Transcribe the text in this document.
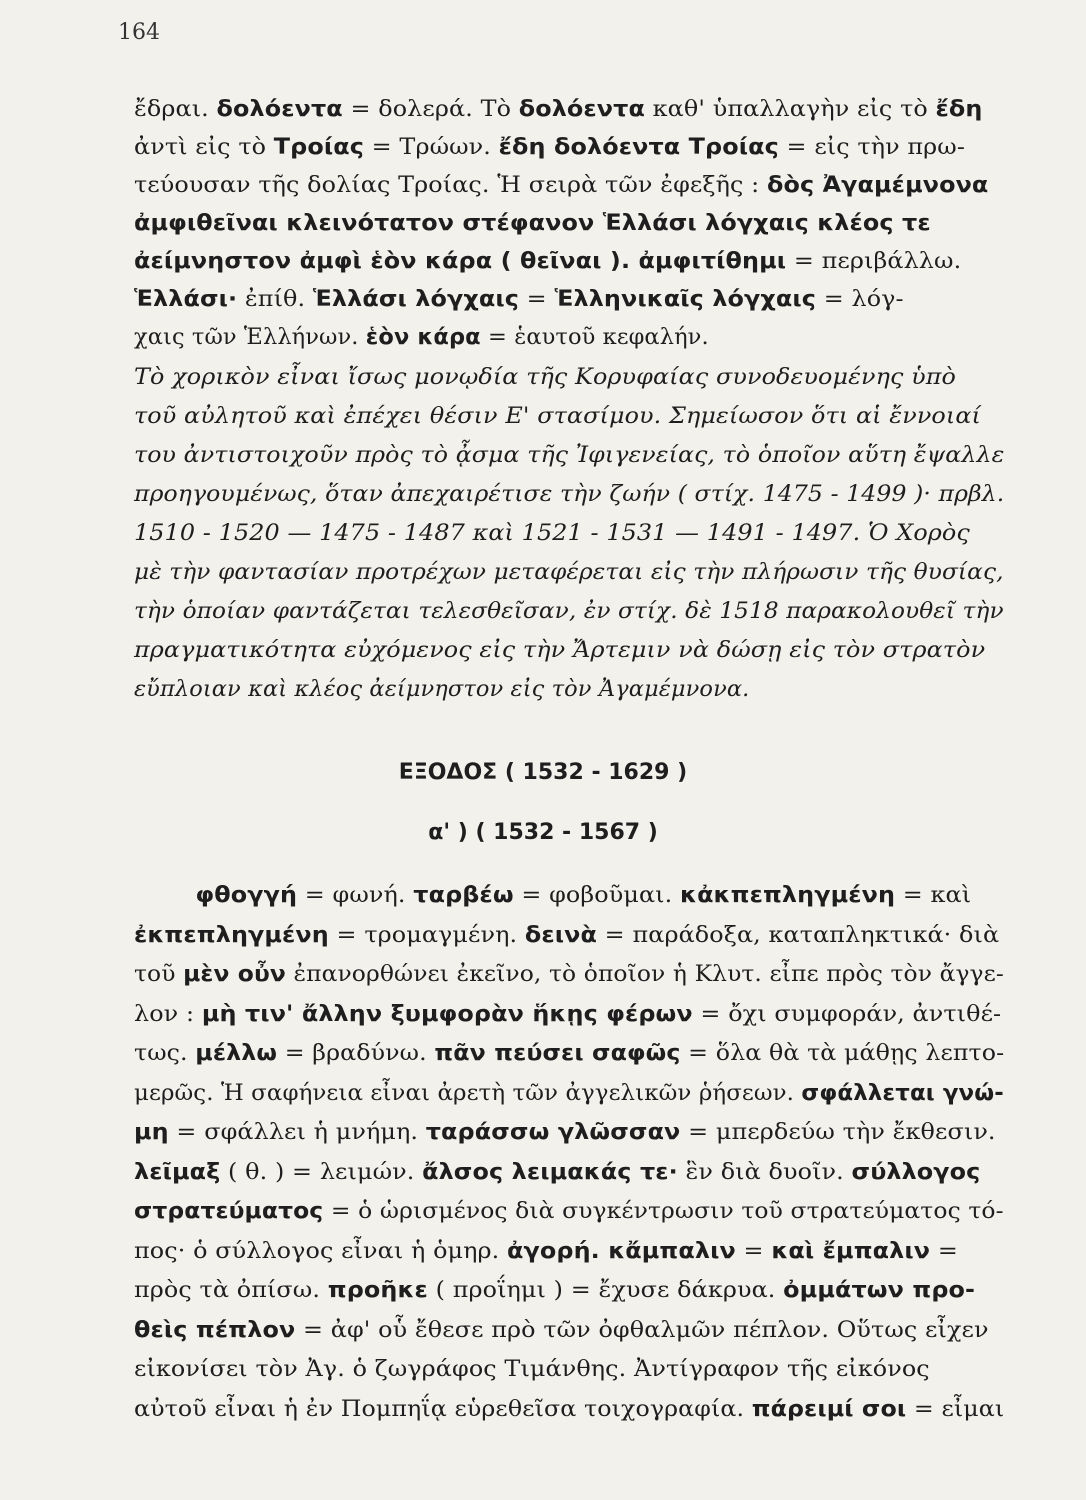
164
ἔδραι. δολόεντα = δολερά. Τὸ δολόεντα καθ' ὑπαλλαγὴν εἰς τὸ ἔδη
ἀντὶ εἰς τὸ Τροίας = Τρώων. ἔδη δολόεντα Τροίας = εἰς τὴν πρω-
τεύουσαν τῆς δολίας Τροίας. Ἡ σειρὰ τῶν ἐφεξῆς : δὸς Ἀγαμέμνονα
ἀμφιθεῖναι κλεινότατον στέφανον Ἑλλάσι λόγχαις κλέος τε
ἀείμνηστον ἀμφὶ ἑὸν κάρα ( θεῖναι ). ἀμφιτίθημι = περιβάλλω.
Ἑλλάσι· ἐπίθ. Ἑλλάσι λόγχαις = Ἑλληνικαῖς λόγχαις = λόγ-
χαις τῶν Ἑλλήνων. ἑὸν κάρα = ἑαυτοῦ κεφαλήν.
Τὸ χορικὸν εἶναι ἴσως μονῳδία τῆς Κορυφαίας συνοδευομένης ὑπὸ
τοῦ αὐλητοῦ καὶ ἐπέχει θέσιν Ε' στασίμου. Σημείωσον ὅτι αἱ ἔννοιαί
του ἀντιστοιχοῦν πρὸς τὸ ᾆσμα τῆς Ἰφιγενείας, τὸ ὁποῖον αὕτη ἔψαλλε
προηγουμένως, ὅταν ἀπεχαιρέτισε τὴν ζωήν ( στίχ. 1475 - 1499 )· πρβλ.
1510 - 1520 — 1475 - 1487 καὶ 1521 - 1531 — 1491 - 1497. Ὁ Χορὸς
μὲ τὴν φαντασίαν προτρέχων μεταφέρεται εἰς τὴν πλήρωσιν τῆς θυσίας,
τὴν ὁποίαν φαντάζεται τελεσθεῖσαν, ἐν στίχ. δὲ 1518 παρακολουθεῖ τὴν
πραγματικότητα εὐχόμενος εἰς τὴν Ἄρτεμιν νὰ δώσῃ εἰς τὸν στρατὸν
εὔπλοιαν καὶ κλέος ἀείμνηστον εἰς τὸν Ἀγαμέμνονα.
ΕΞΟΔΟΣ ( 1532 - 1629 )
α' ) ( 1532 - 1567 )
φθογγή = φωνή. ταρβέω = φοβοῦμαι. κἀκπεπληγμένη = καὶ
ἐκπεπληγμένη = τρομαγμένη. δεινὰ = παράδοξα, καταπληκτικά· διὰ
τοῦ μὲν οὖν ἐπανορθώνει ἐκεῖνο, τὸ ὁποῖον ἡ Κλυτ. εἶπε πρὸς τὸν ἄγγε-
λον : μὴ τιν' ἄλλην ξυμφορὰν ἥκῃς φέρων = ὄχι συμφοράν, ἀντιθέ-
τως. μέλλω = βραδύνω. πᾶν πεύσει σαφῶς = ὅλα θὰ τὰ μάθῃς λεπτο-
μερῶς. Ἡ σαφήνεια εἶναι ἀρετὴ τῶν ἀγγελικῶν ῥήσεων. σφάλλεται γνώ-
μη = σφάλλει ἡ μνήμη. ταράσσω γλῶσσαν = μπερδεύω τὴν ἔκθεσιν.
λεῖμαξ ( θ. ) = λειμών. ἄλσος λειμακάς τε· ἓν διὰ δυοῖν. σύλλογος
στρατεύματος = ὁ ὡρισμένος διὰ συγκέντρωσιν τοῦ στρατεύματος τό-
πος· ὁ σύλλογος εἶναι ἡ ὁμηρ. ἀγορή. κἄμπαλιν = καὶ ἔμπαλιν =
πρὸς τὰ ὀπίσω. προῆκε ( προΐημι ) = ἔχυσε δάκρυα. ὀμμάτων προ-
θεὶς πέπλον = ἀφ' οὗ ἔθεσε πρὸ τῶν ὀφθαλμῶν πέπλον. Οὕτως εἶχεν
εἰκονίσει τὸν Ἀγ. ὁ ζωγράφος Τιμάνθης. Ἀντίγραφον τῆς εἰκόνος
αὐτοῦ εἶναι ἡ ἐν Πομπηΐᾳ εὑρεθεῖσα τοιχογραφία. πάρειμί σοι = εἶμαι
